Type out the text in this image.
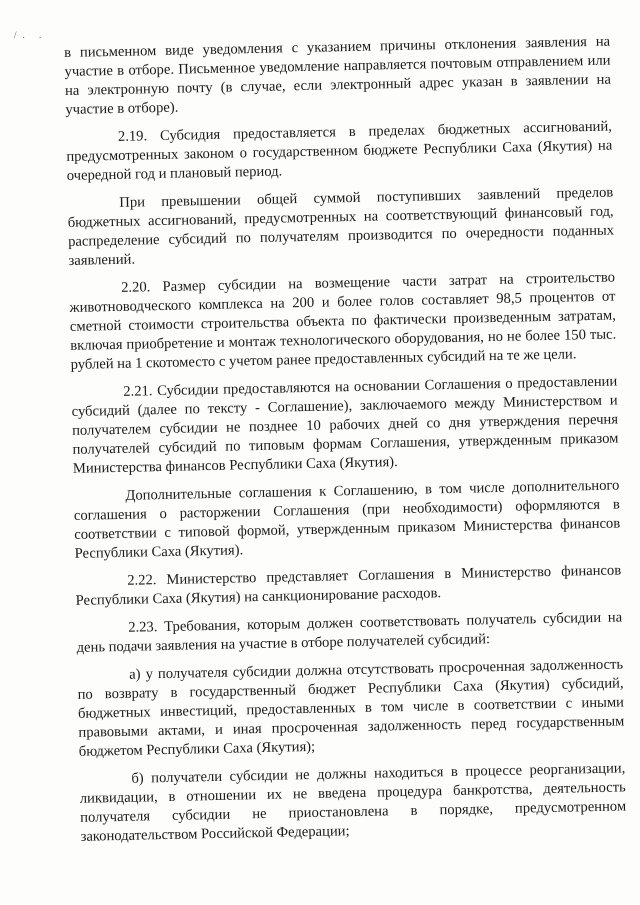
/. . в письменном виде уведомления с указанием причины отклонения заявления на участие в отборе. Письменное уведомление направляется почтовым отправлением или на электронную почту (в случае, если электронный адрес указан в заявлении на участие в отборе).

2.19. Субсидия предоставляется в пределах бюджетных ассигнований, предусмотренных законом о государственном бюджете Республики Саха (Якутия) на очередной год и плановый период.

При превышении общей суммой поступивших заявлений пределов бюджетных ассигнований, предусмотренных на соответствующий финансовый год, распределение субсидий по получателям производится по очередности поданных заявлений.

2.20. Размер субсидии на возмещение части затрат на строительство животноводческого комплекса на 200 и более голов составляет 98,5 процентов от сметной стоимости строительства объекта по фактически произведенным затратам, включая приобретение и монтаж технологического оборудования, но не более 150 тыс. рублей на 1 скотоместо с учетом ранее предоставленных субсидий на те же цели.

2.21. Субсидии предоставляются на основании Соглашения о предоставлении субсидий (далее по тексту - Соглашение), заключаемого между Министерством и получателем субсидии не позднее 10 рабочих дней со дня утверждения перечня получателей субсидий по типовым формам Соглашения, утвержденным приказом Министерства финансов Республики Саха (Якутия).

Дополнительные соглашения к Соглашению, в том числе дополнительного соглашения о расторжении Соглашения (при необходимости) оформляются в соответствии с типовой формой, утвержденным приказом Министерства финансов Республики Саха (Якутия).

2.22. Министерство представляет Соглашения в Министерство финансов Республики Саха (Якутия) на санкционирование расходов.

2.23. Требования, которым должен соответствовать получатель субсидии на день подачи заявления на участие в отборе получателей субсидий:

а) у получателя субсидии должна отсутствовать просроченная задолженность по возврату в государственный бюджет Республики Саха (Якутия) субсидий, бюджетных инвестиций, предоставленных в том числе в соответствии с иными правовыми актами, и иная просроченная задолженность перед государственным бюджетом Республики Саха (Якутия);

б) получатели субсидии не должны находиться в процессе реорганизации, ликвидации, в отношении их не введена процедура банкротства, деятельность получателя субсидии не приостановлена в порядке, предусмотренном законодательством Российской Федерации;
